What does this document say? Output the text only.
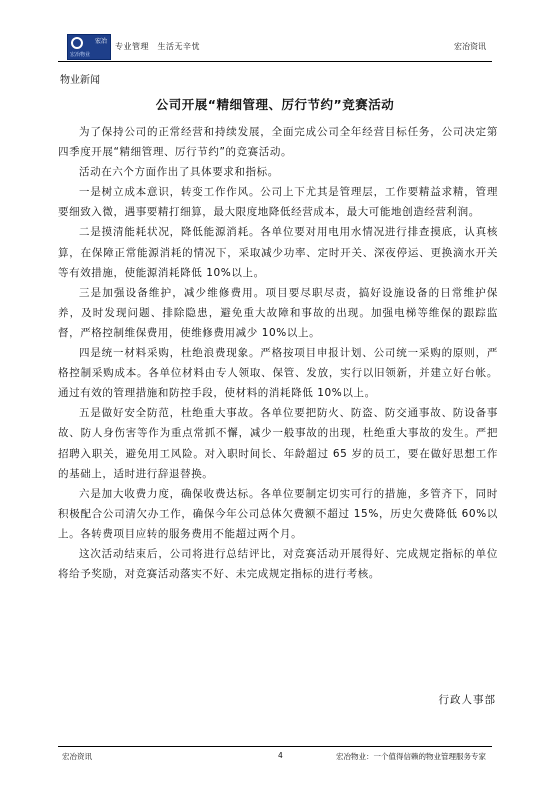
宏冶
宏冶物业
专业管理　生活无辛忧	宏冶资讯
物业新闻
公司开展“精细管理、厉行节约”竞赛活动

为了保持公司的正常经营和持续发展，全面完成公司全年经营目标任务，公司决定第四季度开展“精细管理、厉行节约”的竞赛活动。

活动在六个方面作出了具体要求和指标。

一是树立成本意识，转变工作作风。公司上下尤其是管理层，工作要精益求精，管理要细致入微，遇事要精打细算，最大限度地降低经营成本，最大可能地创造经营利润。

二是摸清能耗状况，降低能源消耗。各单位要对用电用水情况进行排查摸底，认真核算，在保障正常能源消耗的情况下，采取减少功率、定时开关、深夜停运、更换滴水开关等有效措施，使能源消耗降低 10%以上。

三是加强设备维护，减少维修费用。项目要尽职尽责，搞好设施设备的日常维护保养，及时发现问题、排除隐患，避免重大故障和事故的出现。加强电梯等维保的跟踪监督，严格控制维保费用，使维修费用减少 10%以上。

四是统一材料采购，杜绝浪费现象。严格按项目申报计划、公司统一采购的原则，严格控制采购成本。各单位材料由专人领取、保管、发放，实行以旧领新，并建立好台帐。通过有效的管理措施和防控手段，使材料的消耗降低 10%以上。

五是做好安全防范，杜绝重大事故。各单位要把防火、防盗、防交通事故、防设备事故、防人身伤害等作为重点常抓不懈，减少一般事故的出现，杜绝重大事故的发生。严把招聘入职关，避免用工风险。对入职时间长、年龄超过 65 岁的员工，要在做好思想工作的基础上，适时进行辞退替换。

六是加大收费力度，确保收费达标。各单位要制定切实可行的措施，多管齐下，同时积极配合公司清欠办工作，确保今年公司总体欠费额不超过 15%，历史欠费降低 60%以上。各转费项目应转的服务费用不能超过两个月。

这次活动结束后，公司将进行总结评比，对竞赛活动开展得好、完成规定指标的单位将给予奖励，对竞赛活动落实不好、未完成规定指标的进行考核。

行政人事部
宏冶资讯	4	宏冶物业：一个值得信赖的物业管理服务专家
